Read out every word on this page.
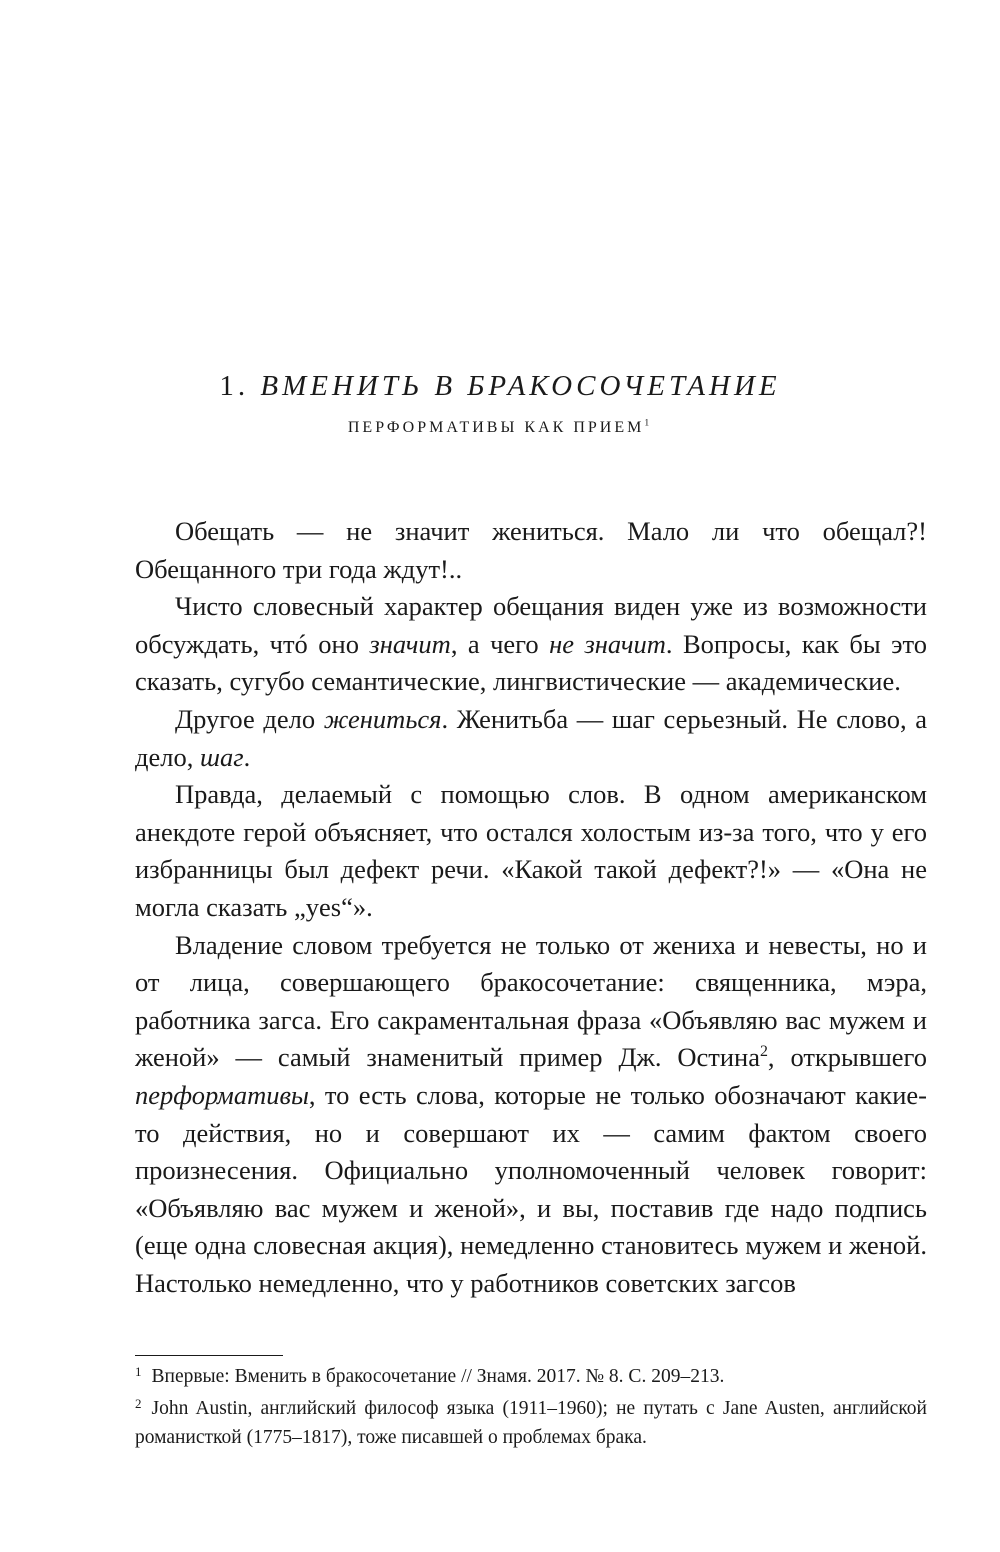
1. ВМЕНИТЬ В БРАКОСОЧЕТАНИЕ
ПЕРФОРМАТИВЫ КАК ПРИЕМ$^1$

Обещать — не значит жениться. Мало ли что обещал?! Обещанного три года ждут!..

Чисто словесный характер обещания виден уже из возможности обсуждать, чтó оно значит, а чего не значит. Вопросы, как бы это сказать, сугубо семантические, лингвистические — академические.

Другое дело жениться. Женитьба — шаг серьезный. Не слово, а дело, шаг.

Правда, делаемый с помощью слов. В одном американском анекдоте герой объясняет, что остался холостым из-за того, что у его избранницы был дефект речи. «Какой такой дефект?!» — «Она не могла сказать „yes“».

Владение словом требуется не только от жениха и невесты, но и от лица, совершающего бракосочетание: священника, мэра, работника загса. Его сакраментальная фраза «Объявляю вас мужем и женой» — самый знаменитый пример Дж. Остина$^2$, открывшего перформативы, то есть слова, которые не только обозначают какие-то действия, но и совершают их — самим фактом своего произнесения. Официально уполномоченный человек говорит: «Объявляю вас мужем и женой», и вы, поставив где надо подпись (еще одна словесная акция), немедленно становитесь мужем и женой. Настолько немедленно, что у работников советских загсов

$^1$ Впервые: Вменить в бракосочетание // Знамя. 2017. № 8. С. 209–213.

$^2$ John Austin, английский философ языка (1911–1960); не путать с Jane Austen, английской романисткой (1775–1817), тоже писавшей о проблемах брака.
